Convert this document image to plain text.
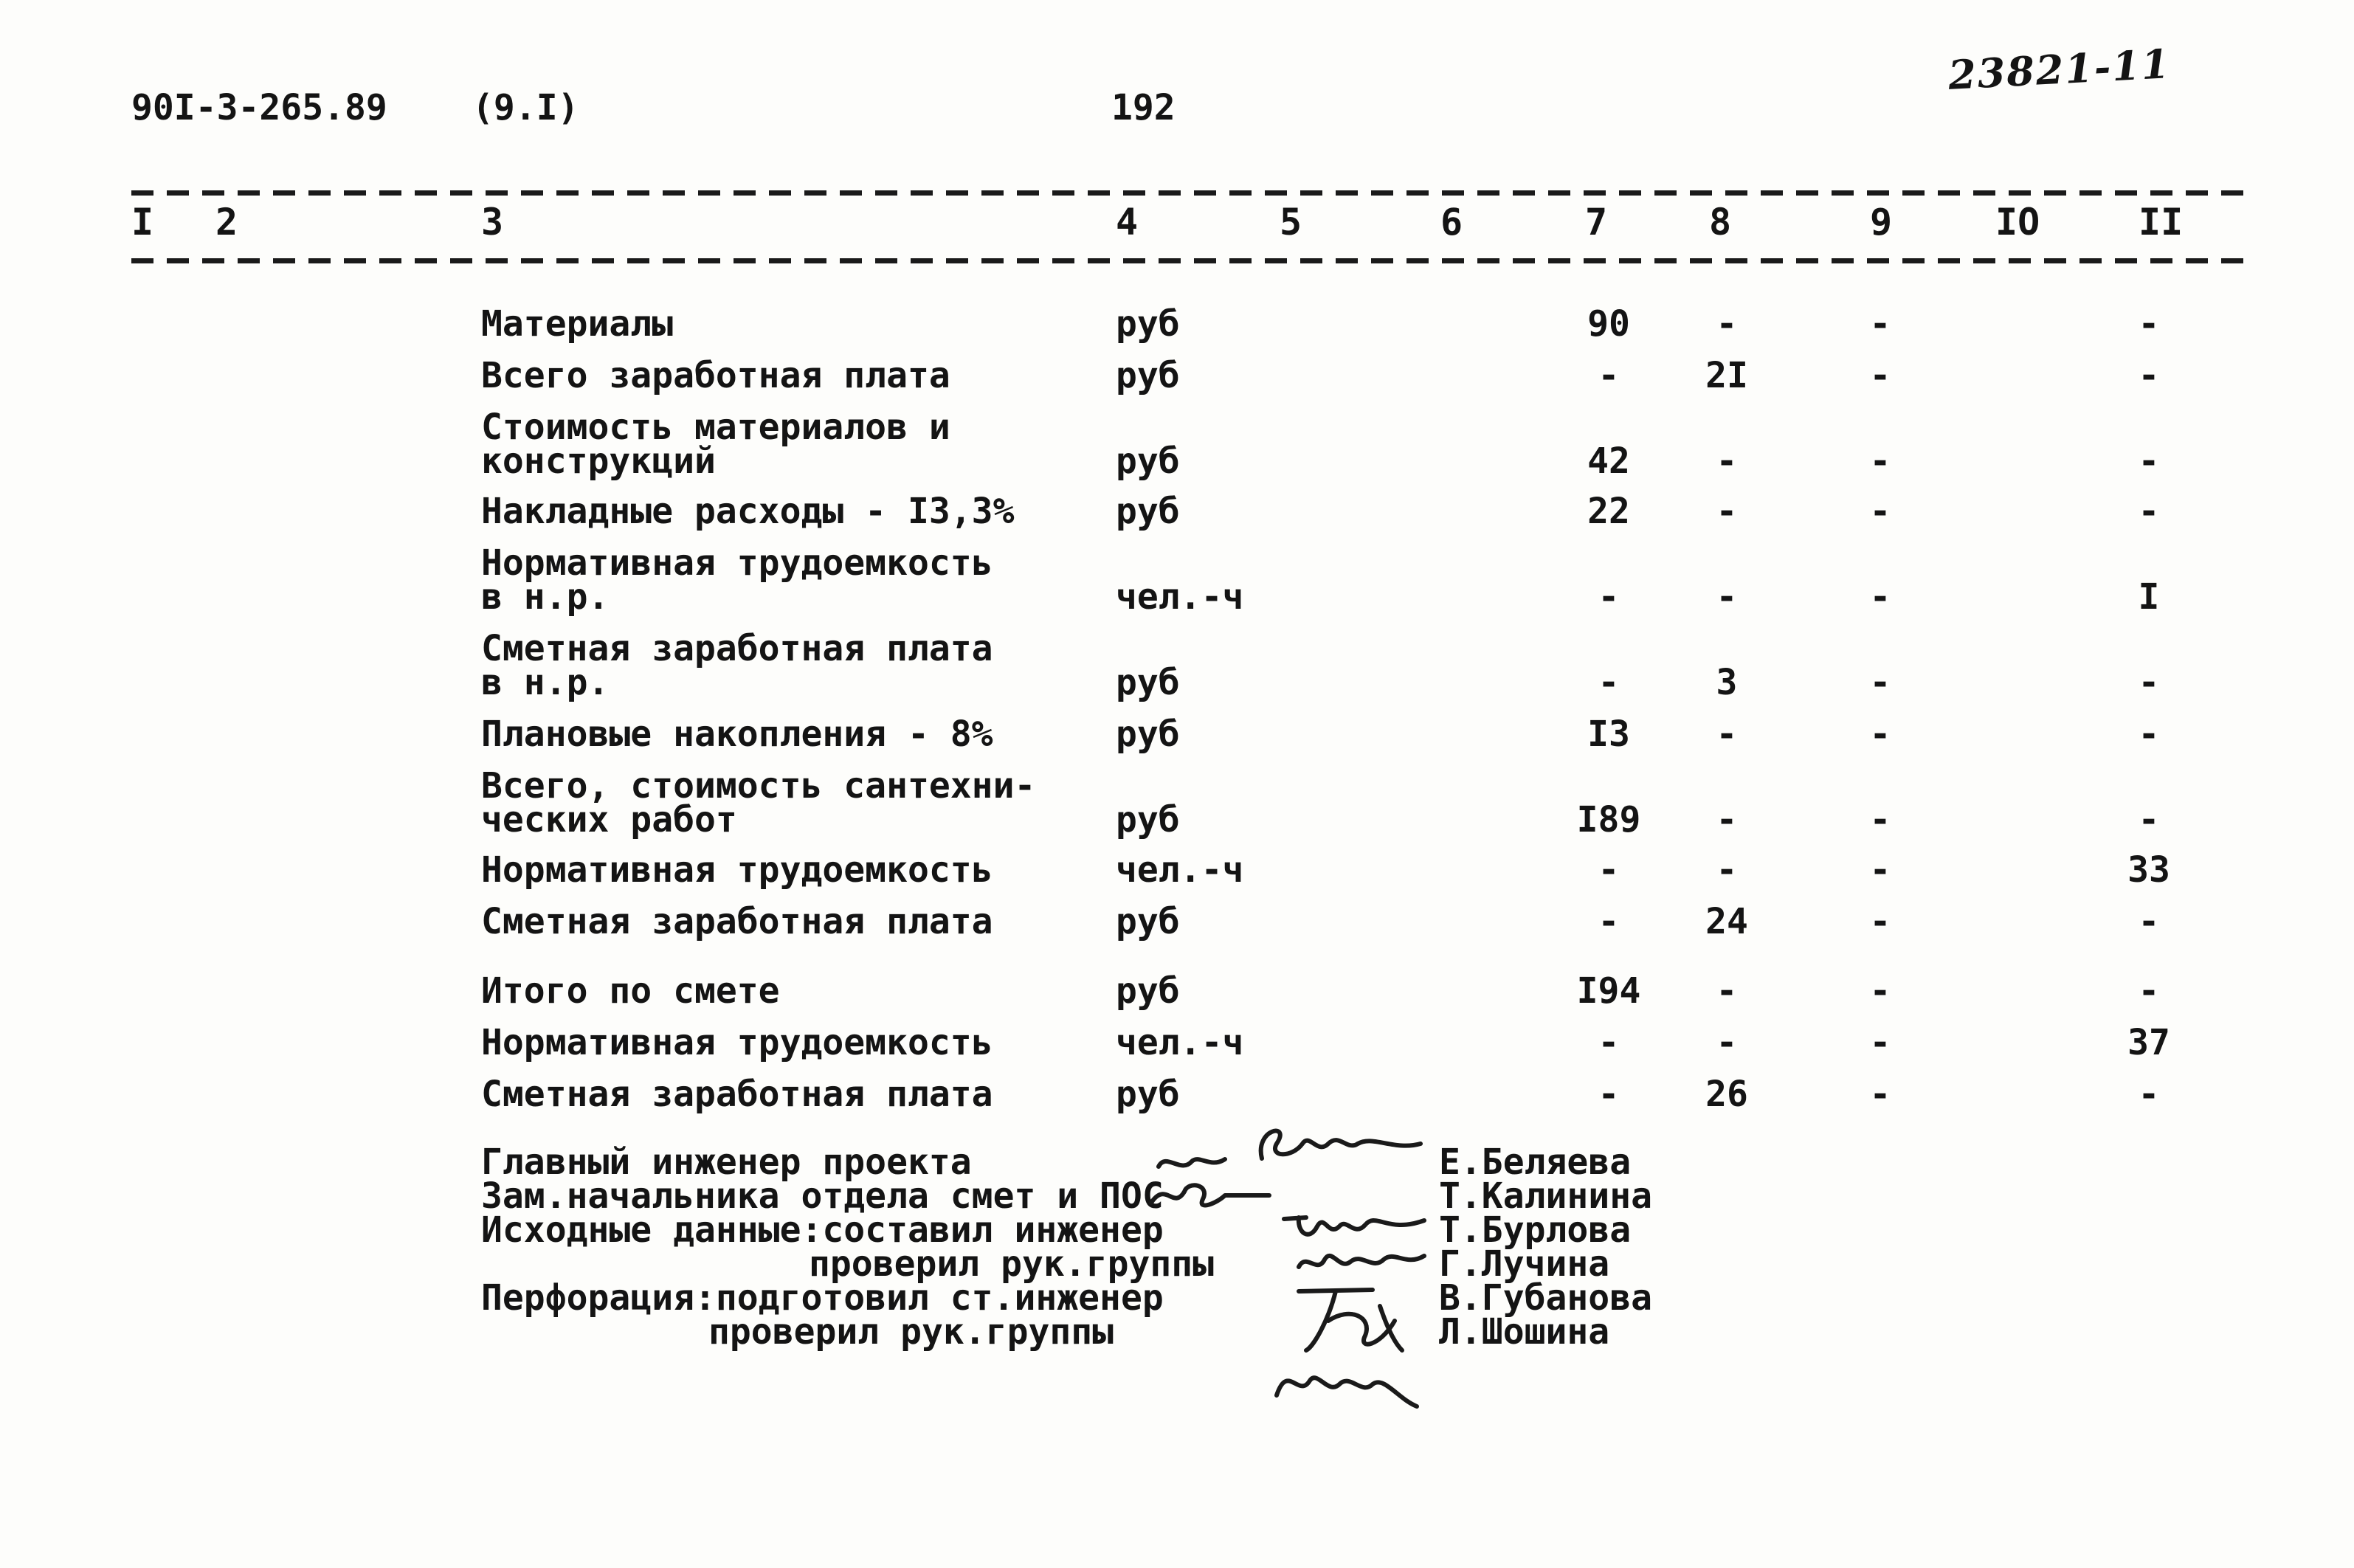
90I-3-265.89 (9.I)	192
23821-11
I 2	3	4	5	6	7	8	9	IO	II
Материалы	руб	90	-	-	-
Всего заработная плата	руб	-	2I	-	-
Стоимость материалов и
конструкций	руб	42	-	-	-
Накладные расходы - I3,3%	руб	22	-	-	-
Нормативная трудоемкость
в н.р.	чел.-ч	-	-	-	I
Сметная заработная плата
в н.р.	руб	-	3	-	-
Плановые накопления - 8%	руб	I3	-	-	-
Всего, стоимость сантехни-
ческих работ	руб	I89	-	-	-
Нормативная трудоемкость	чел.-ч	-	-	-	33
Сметная заработная плата	руб	-	24	-	-
Итого по смете	руб	I94	-	-	-
Нормативная трудоемкость	чел.-ч	-	-	-	37
Сметная заработная плата	руб	-	26	-	-
Главный инженер проекта
Зам.начальника отдела смет и ПОС
Исходные данные:составил инженер
проверил рук.группы
Перфорация:подготовил ст.инженер
проверил рук.группы
Е.Беляева
Т.Калинина
Т.Бурлова
Г.Лучина
В.Губанова
Л.Шошина
